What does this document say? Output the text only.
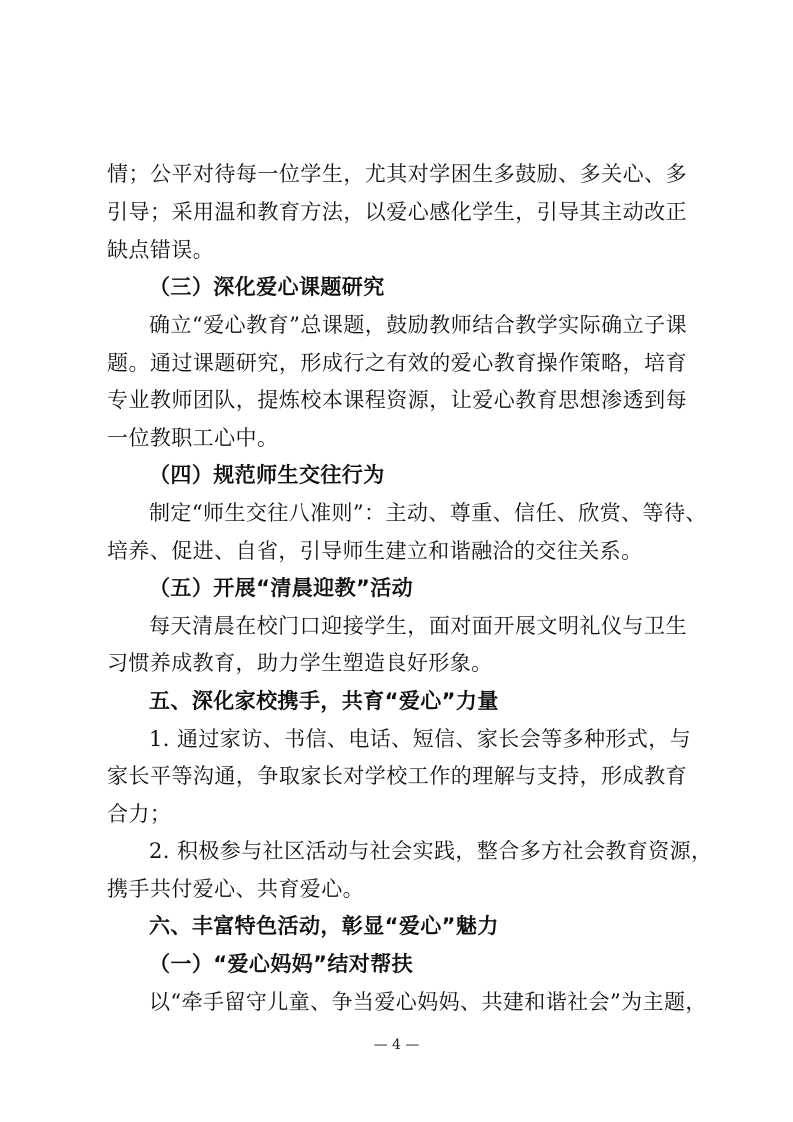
情；公平对待每一位学生，尤其对学困生多鼓励、多关心、多
引导；采用温和教育方法，以爱心感化学生，引导其主动改正
缺点错误。
（三）深化爱心课题研究
确立“爱心教育”总课题，鼓励教师结合教学实际确立子课
题。通过课题研究，形成行之有效的爱心教育操作策略，培育
专业教师团队，提炼校本课程资源，让爱心教育思想渗透到每
一位教职工心中。
（四）规范师生交往行为
制定“师生交往八准则”：主动、尊重、信任、欣赏、等待、
培养、促进、自省，引导师生建立和谐融洽的交往关系。
（五）开展“清晨迎教”活动
每天清晨在校门口迎接学生，面对面开展文明礼仪与卫生
习惯养成教育，助力学生塑造良好形象。
五、深化家校携手，共育“爱心”力量
1. 通过家访、书信、电话、短信、家长会等多种形式，与
家长平等沟通，争取家长对学校工作的理解与支持，形成教育
合力；
2. 积极参与社区活动与社会实践，整合多方社会教育资源，
携手共付爱心、共育爱心。
六、丰富特色活动，彰显“爱心”魅力
（一）“爱心妈妈”结对帮扶
以“牵手留守儿童、争当爱心妈妈、共建和谐社会”为主题，
— 4 —
